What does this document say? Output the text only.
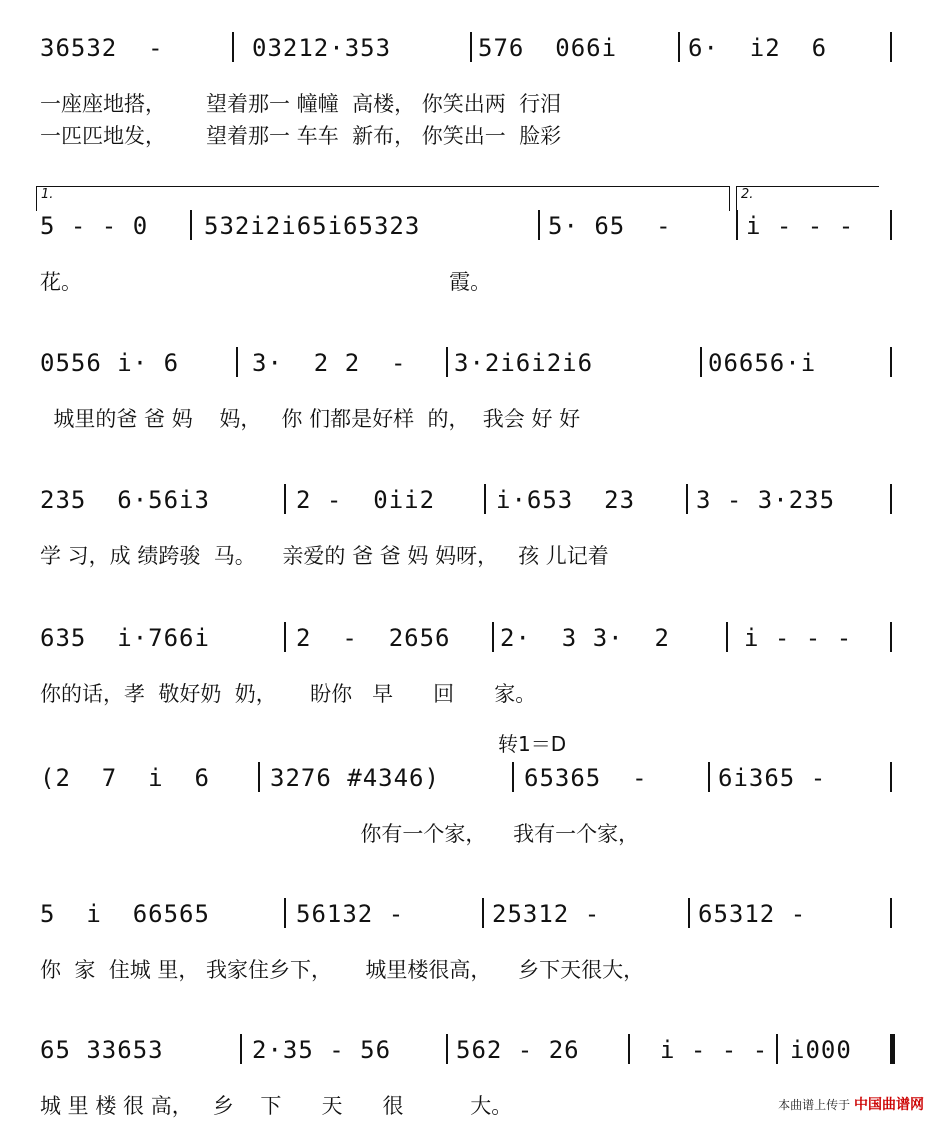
转1＝D
36532  -	03212·353	576  066i	6·  i2  6
一座座地搭，      望着那一 幢幢  高楼， 你笑出两  行泪
一匹匹地发，      望着那一 车车  新布， 你笑出一  脸彩
5 - - 0 532i2i65i65323	5· 65  -	i - - -
1.	2.
花。                                                       霞。
0556 i· 6	3·  2 2  - 3·2i6i2i6	06656·i
城里的爸 爸 妈    妈，   你 们都是好样  的，  我会 好 好
235  6·56i3	2 -  0ii2	i·653  23	3 - 3·235
学 习，成 绩跨骏  马。    亲爱的 爸 爸 妈 妈呀，   孩 儿记着
635  i·766i	2  -  2656 2·  3 3·  2	i - - -
你的话，孝  敬好奶  奶，     盼你   早      回      家。
(2  7  i  6	3276 #4346)	65365  -	6i365 -
你有一个家，    我有一个家，
5  i  66565	56132 -	25312 -	65312 -
你  家  住城 里， 我家住乡下，     城里楼很高，    乡下天很大，
65 33653	2·35 - 56	562 - 26	i - - - i000
城 里 楼 很 高，   乡    下      天      很          大。	本曲谱上传于 中国曲谱网
